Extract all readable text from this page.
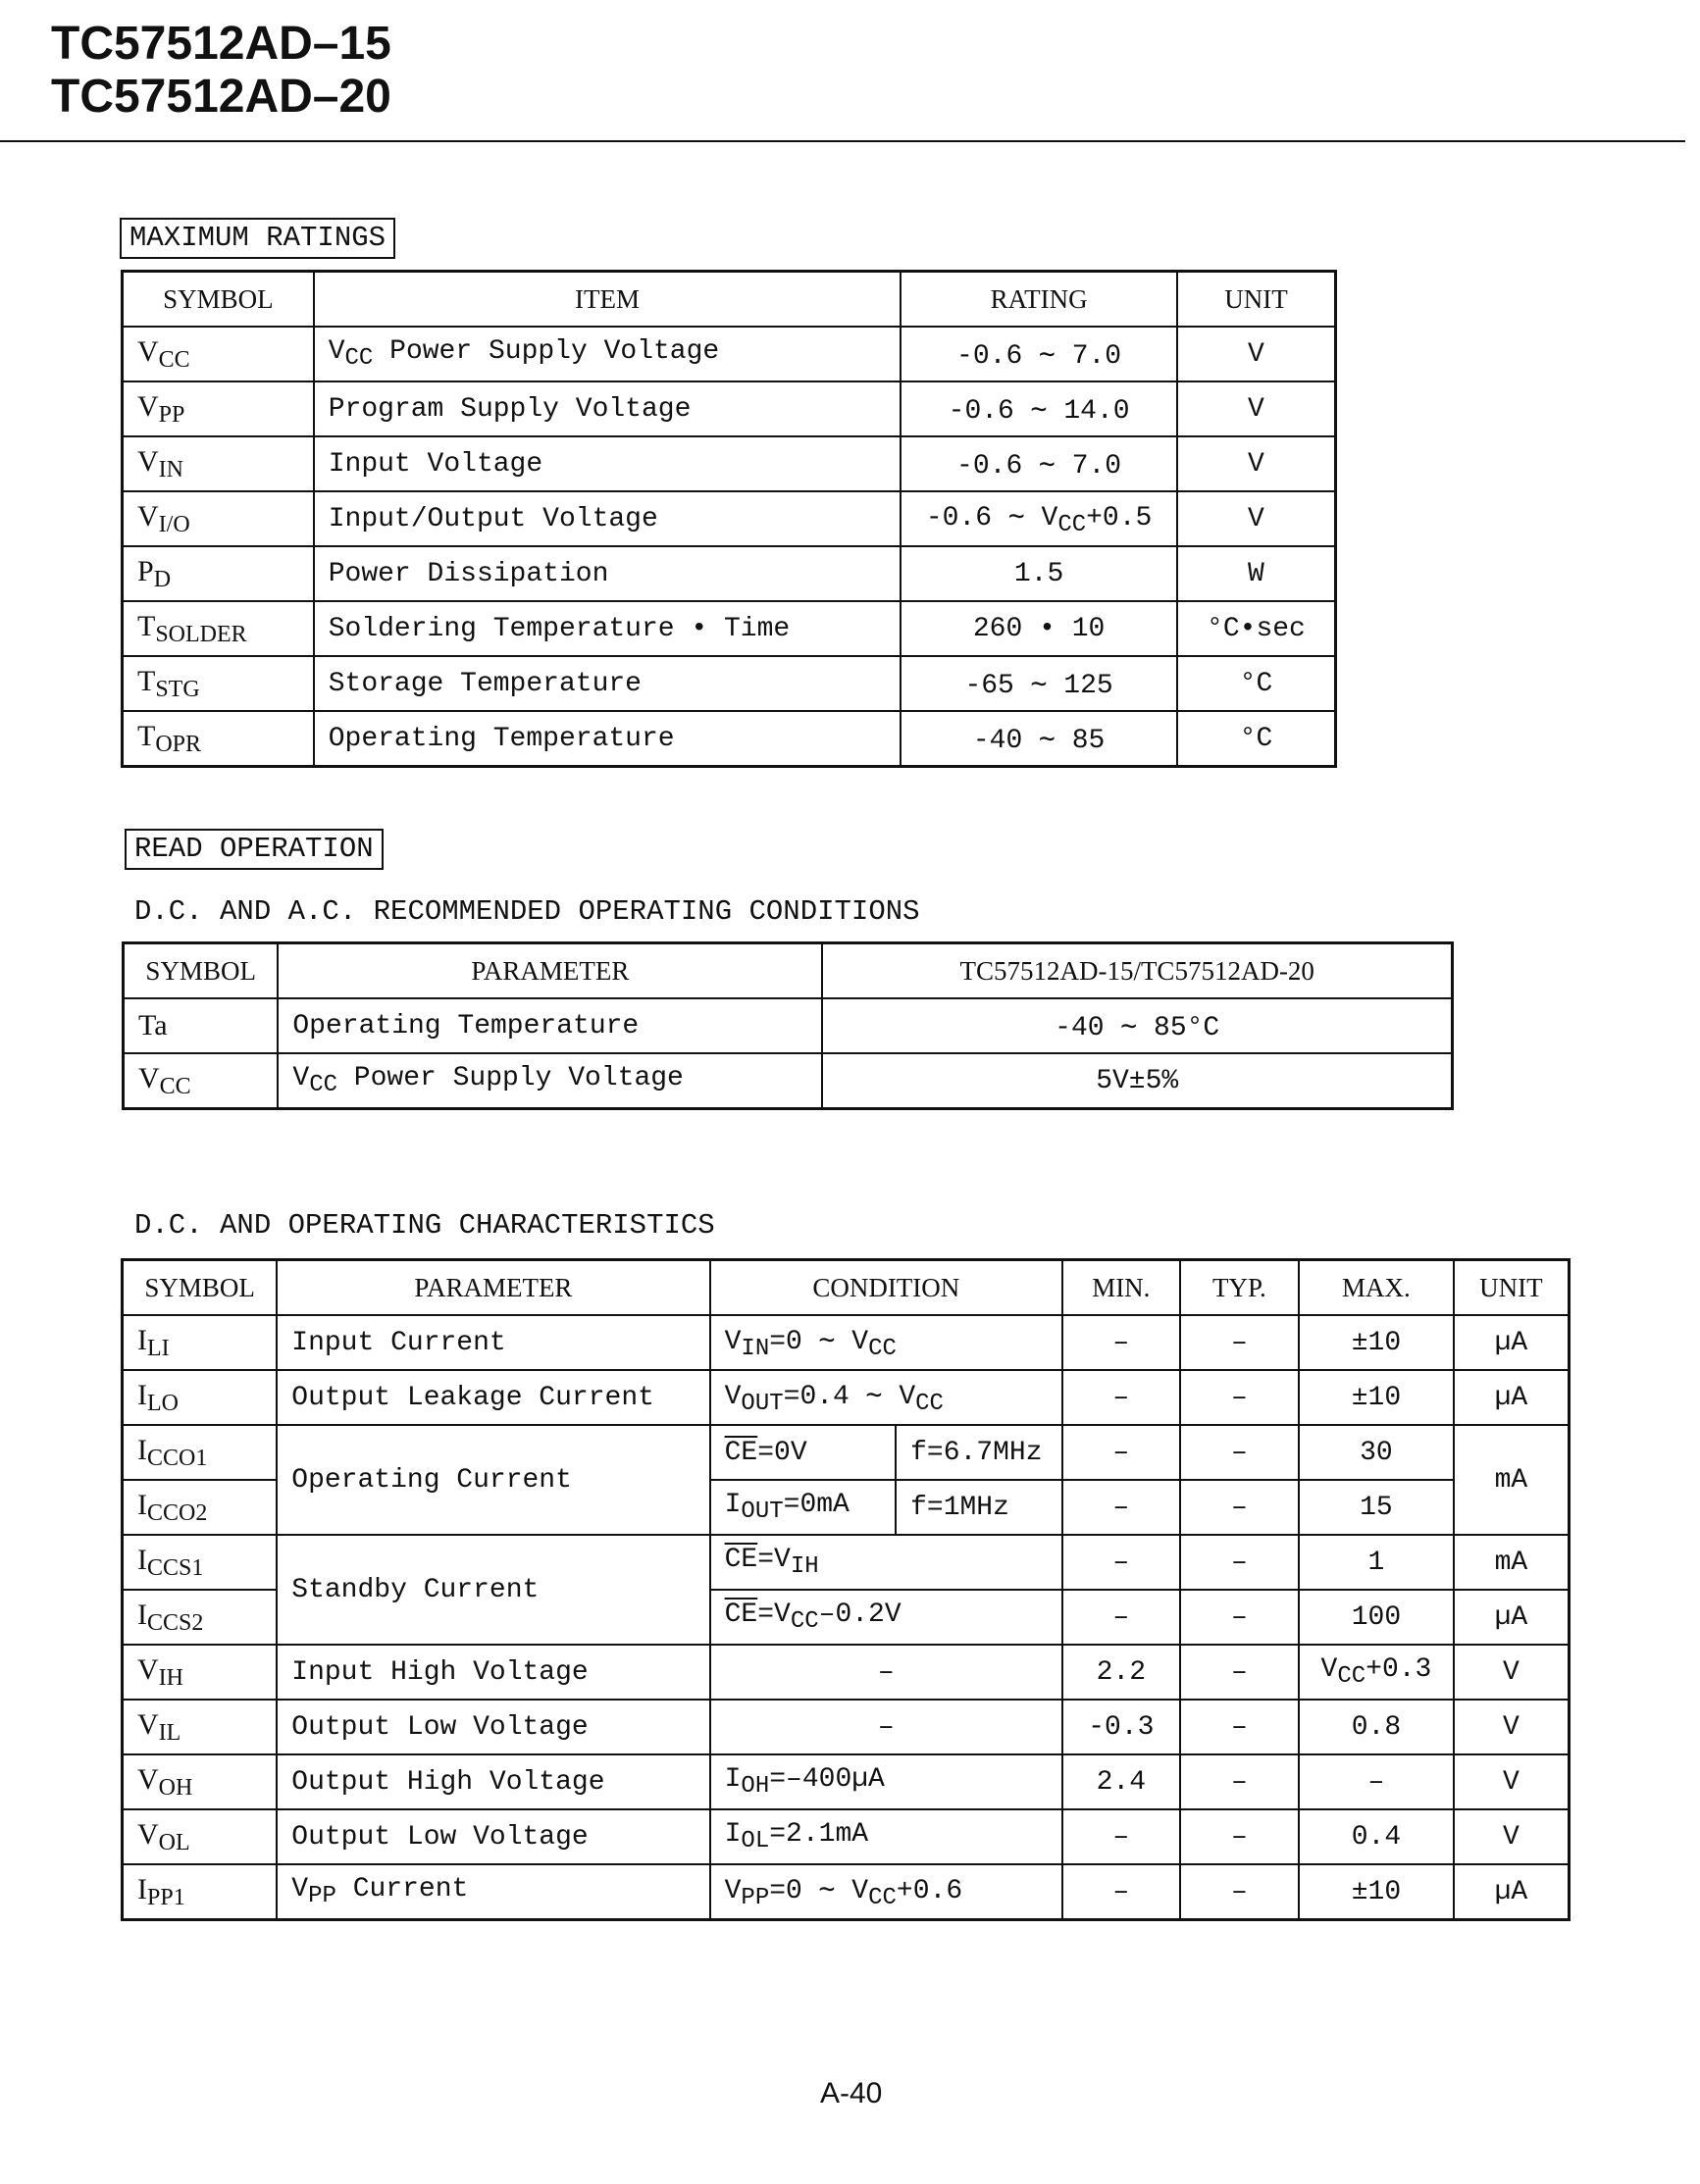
TC57512AD–15
TC57512AD–20
MAXIMUM RATINGS
SYMBOL	ITEM	RATING	UNIT
$V_{CC}$	$V_{CC}$ Power Supply Voltage	-0.6 ∼ 7.0	V
$V_{PP}$	Program Supply Voltage	-0.6 ∼ 14.0	V
$V_{IN}$	Input Voltage	-0.6 ∼ 7.0	V
$V_{I/O}$	Input/Output Voltage	-0.6 ∼ $V_{CC}+0.5$	V
$P_D$	Power Dissipation	1.5	W
$T_{SOLDER}$	Soldering Temperature • Time	260 • 10	°C•sec
$T_{STG}$	Storage Temperature	-65 ∼ 125	°C
$T_{OPR}$	Operating Temperature	-40 ∼ 85	°C
READ OPERATION
D.C. AND A.C. RECOMMENDED OPERATING CONDITIONS
SYMBOL	PARAMETER	TC57512AD-15/TC57512AD-20
Ta	Operating Temperature	-40 ∼ 85°C
$V_{CC}$	$V_{CC}$ Power Supply Voltage	5V±5%
D.C. AND OPERATING CHARACTERISTICS
SYMBOL	PARAMETER	CONDITION		MIN.	TYP.	MAX.	UNIT
$I_{LI}$	Input Current	$V_{IN}=0$ ∼ $V_{CC}$		–	–	±10	µA
$I_{LO}$	Output Leakage Current	$V_{OUT}=0.4$ ∼ $V_{CC}$		–	–	±10	µA
$I_{CCO1}$	Operating Current	$\overline{CE}=0V$	f=6.7MHz	–	–	30	mA
$I_{CCO2}$		$I_{OUT}=0mA$	f=1MHz	–	–	15	
$I_{CCS1}$	Standby Current	$\overline{CE}=V_{IH}$		–	–	1	mA
$I_{CCS2}$		$\overline{CE}=V_{CC}-0.2V$		–	–	100	µA
$V_{IH}$	Input High Voltage	–		2.2	–	$V_{CC}+0.3$	V
$V_{IL}$	Output Low Voltage	–		-0.3	–	0.8	V
$V_{OH}$	Output High Voltage	$I_{OH}=-400\mu A$		2.4	–	–	V
$V_{OL}$	Output Low Voltage	$I_{OL}=2.1mA$		–	–	0.4	V
$I_{PP1}$	$V_{PP}$ Current	$V_{PP}=0$ ∼ $V_{CC}+0.6$		–	–	±10	µA
A-40
